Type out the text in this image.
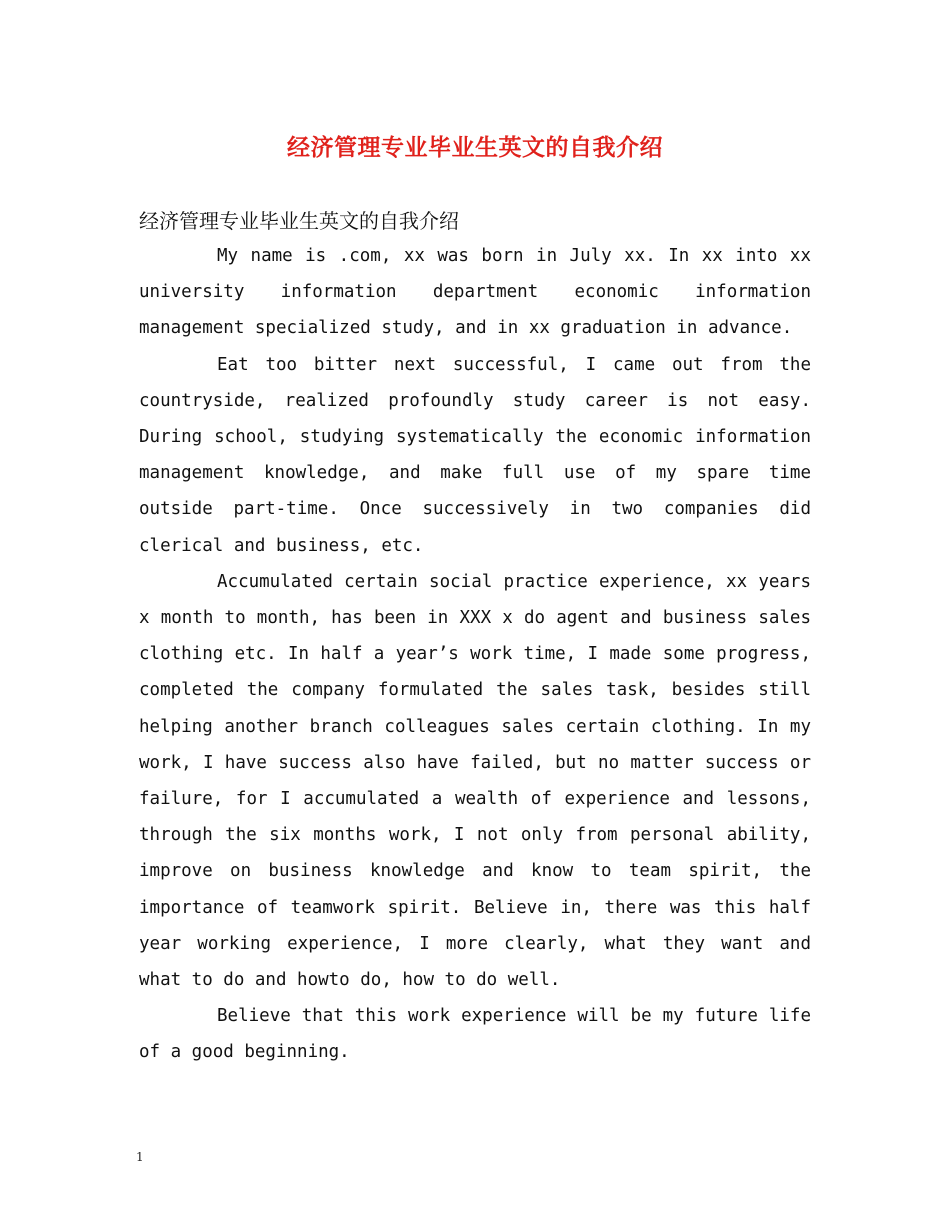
经济管理专业毕业生英文的自我介绍
经济管理专业毕业生英文的自我介绍

My name is .com, xx was born in July xx. In xx into xx university information department economic information management specialized study, and in xx graduation in advance.

Eat too bitter next successful, I came out from the countryside, realized profoundly study career is not easy. During school, studying systematically the economic information management knowledge, and make full use of my spare time outside part-time. Once successively in two companies did clerical and business, etc.

Accumulated certain social practice experience, xx years x month to month, has been in XXX x do agent and business sales clothing etc. In half a year’s work time, I made some progress, completed the company formulated the sales task, besides still helping another branch colleagues sales certain clothing. In my work, I have success also have failed, but no matter success or failure, for I accumulated a wealth of experience and lessons, through the six months work, I not only from personal ability, improve on business knowledge and know to team spirit, the importance of teamwork spirit. Believe in, there was this half year working experience, I more clearly, what they want and what to do and howto do, how to do well.

Believe that this work experience will be my future life of a good beginning.

1
